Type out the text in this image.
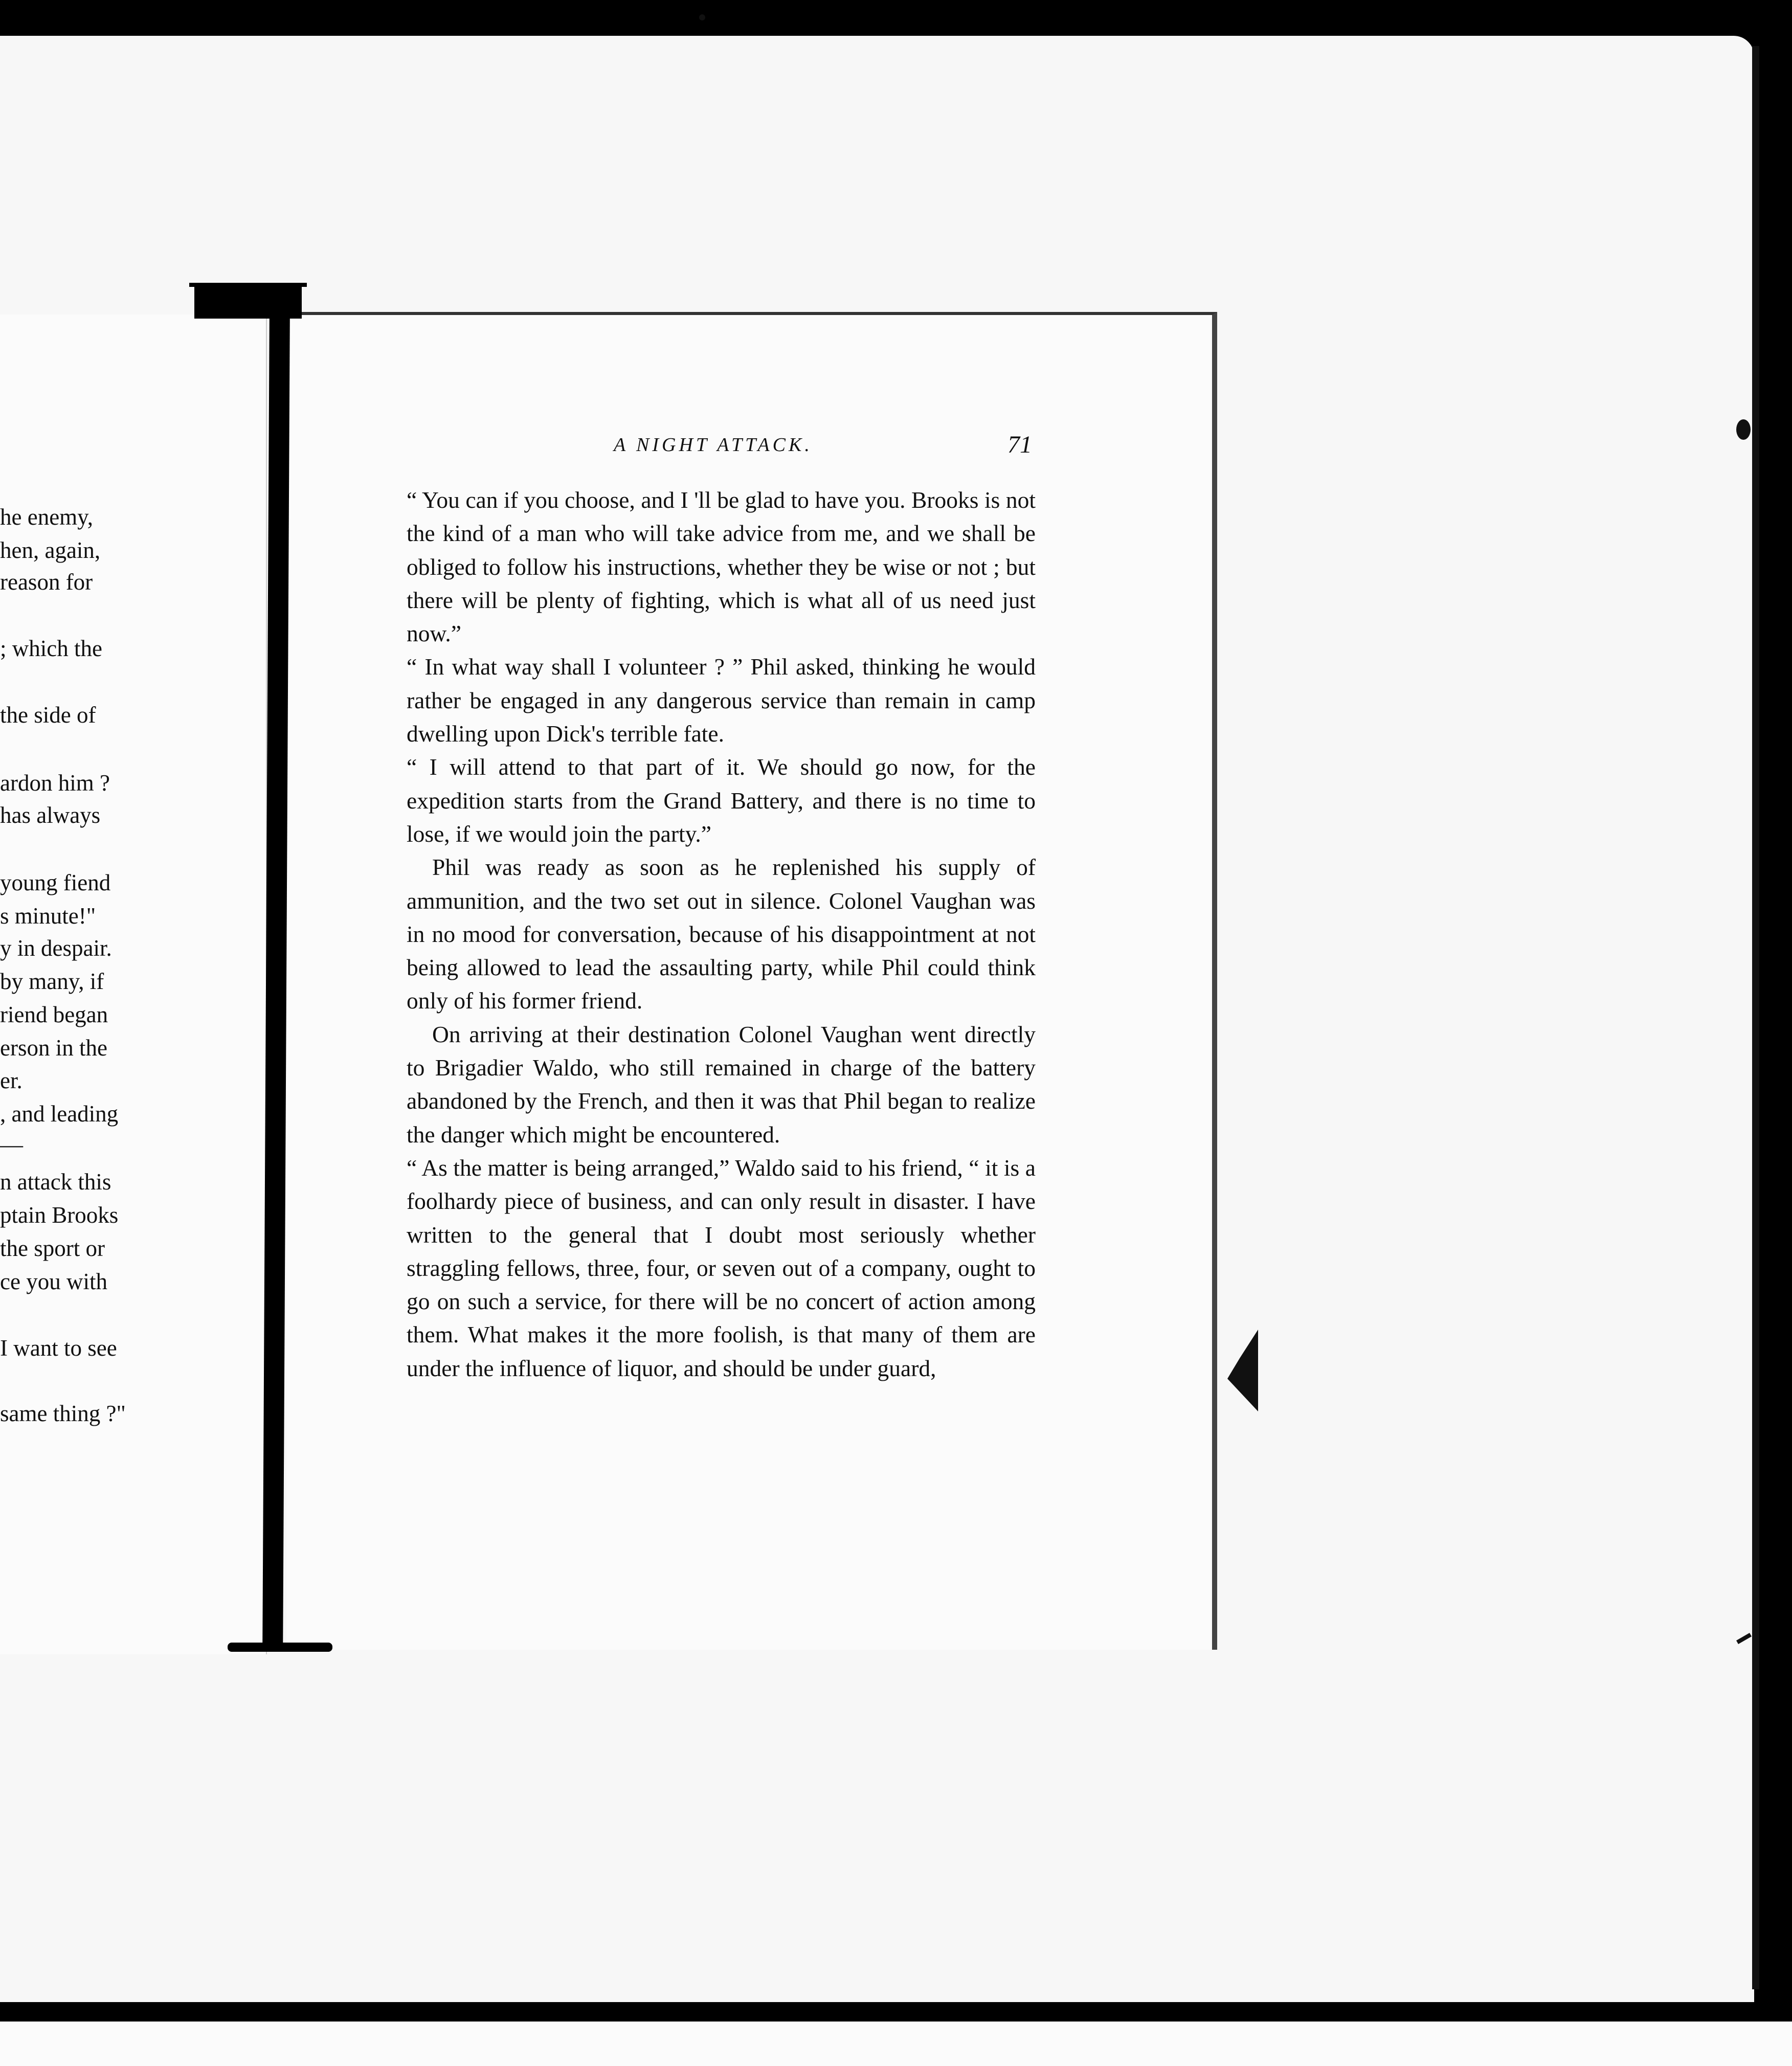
he enemy,
hen, again,
reason for
; which the
the side of
ardon him ?
has always
young fiend
s minute!"
y in despair.
by many, if
riend began
erson in the
er.
, and leading
—
n attack this
ptain Brooks
the sport or
ce you with
I want to see
same thing ?"
A NIGHT ATTACK.	71

“ You can if you choose, and I 'll be glad to have you. Brooks is not the kind of a man who will take advice from me, and we shall be obliged to follow his instructions, whether they be wise or not ; but there will be plenty of fighting, which is what all of us need just now.”

“ In what way shall I volunteer ? ” Phil asked, thinking he would rather be engaged in any dangerous service than remain in camp dwelling upon Dick's terrible fate.

“ I will attend to that part of it. We should go now, for the expedition starts from the Grand Battery, and there is no time to lose, if we would join the party.”

Phil was ready as soon as he replenished his supply of ammunition, and the two set out in silence. Colonel Vaughan was in no mood for conversation, because of his disappointment at not being allowed to lead the assaulting party, while Phil could think only of his former friend.

On arriving at their destination Colonel Vaughan went directly to Brigadier Waldo, who still remained in charge of the battery abandoned by the French, and then it was that Phil began to realize the danger which might be encountered.

“ As the matter is being arranged,” Waldo said to his friend, “ it is a foolhardy piece of business, and can only result in disaster. I have written to the general that I doubt most seriously whether straggling fellows, three, four, or seven out of a company, ought to go on such a service, for there will be no concert of action among them. What makes it the more foolish, is that many of them are under the influence of liquor, and should be under guard,
